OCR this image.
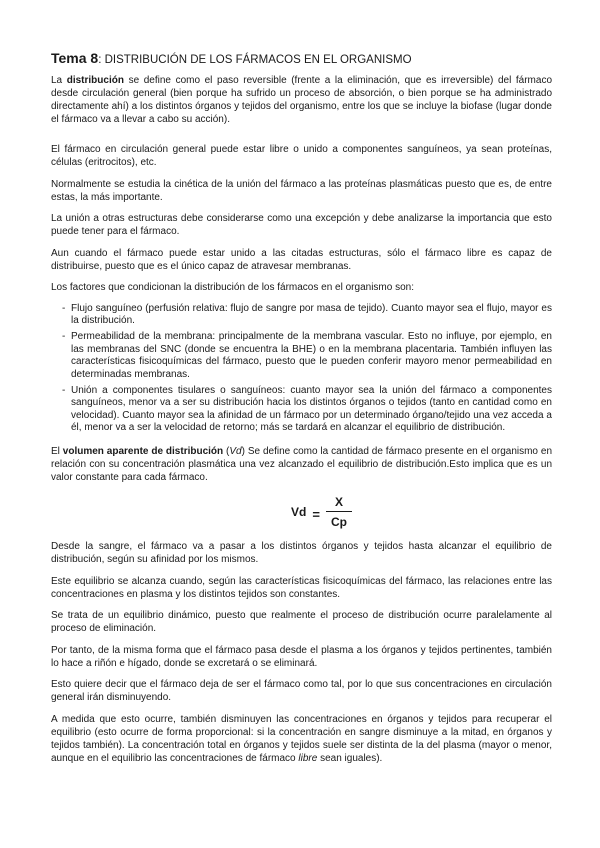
Tema 8: DISTRIBUCIÓN DE LOS FÁRMACOS EN EL ORGANISMO

La distribución se define como el paso reversible (frente a la eliminación, que es irreversible) del fármaco desde circulación general (bien porque ha sufrido un proceso de absorción, o bien porque se ha administrado directamente ahí) a los distintos órganos y tejidos del organismo, entre los que se incluye la biofase (lugar donde el fármaco va a llevar a cabo su acción).

El fármaco en circulación general puede estar libre o unido a componentes sanguíneos, ya sean proteínas, células (eritrocitos), etc.

Normalmente se estudia la cinética de la unión del fármaco a las proteínas plasmáticas puesto que es, de entre estas, la más importante.

La unión a otras estructuras debe considerarse como una excepción y debe analizarse la importancia que esto puede tener para el fármaco.

Aun cuando el fármaco puede estar unido a las citadas estructuras, sólo el fármaco libre es capaz de distribuirse, puesto que es el único capaz de atravesar membranas.

Los factores que condicionan la distribución de los fármacos en el organismo son:

- Flujo sanguíneo (perfusión relativa: flujo de sangre por masa de tejido). Cuanto mayor sea el flujo, mayor es la distribución.
- Permeabilidad de la membrana: principalmente de la membrana vascular. Esto no influye, por ejemplo, en las membranas del SNC (donde se encuentra la BHE) o en la membrana placentaria. También influyen las características fisicoquímicas del fármaco, puesto que le pueden conferir mayoro menor permeabilidad en determinadas membranas.
- Unión a componentes tisulares o sanguíneos: cuanto mayor sea la unión del fármaco a componentes sanguíneos, menor va a ser su distribución hacia los distintos órganos o tejidos (tanto en cantidad como en velocidad). Cuanto mayor sea la afinidad de un fármaco por un determinado órgano/tejido una vez acceda a él, menor va a ser la velocidad de retorno; más se tardará en alcanzar el equilibrio de distribución.

El volumen aparente de distribución (Vd) Se define como la cantidad de fármaco presente en el organismo en relación con su concentración plasmática una vez alcanzado el equilibrio de distribución.Esto implica que es un valor constante para cada fármaco.

$Vd = \frac{X}{Cp}$

Desde la sangre, el fármaco va a pasar a los distintos órganos y tejidos hasta alcanzar el equilibrio de distribución, según su afinidad por los mismos.

Este equilibrio se alcanza cuando, según las características fisicoquímicas del fármaco, las relaciones entre las concentraciones en plasma y los distintos tejidos son constantes.

Se trata de un equilibrio dinámico, puesto que realmente el proceso de distribución ocurre paralelamente al proceso de eliminación.

Por tanto, de la misma forma que el fármaco pasa desde el plasma a los órganos y tejidos pertinentes, también lo hace a riñón e hígado, donde se excretará o se eliminará.

Esto quiere decir que el fármaco deja de ser el fármaco como tal, por lo que sus concentraciones en circulación general irán disminuyendo.

A medida que esto ocurre, también disminuyen las concentraciones en órganos y tejidos para recuperar el equilibrio (esto ocurre de forma proporcional: si la concentración en sangre disminuye a la mitad, en órganos y tejidos también). La concentración total en órganos y tejidos suele ser distinta de la del plasma (mayor o menor, aunque en el equilibrio las concentraciones de fármaco libre sean iguales).
